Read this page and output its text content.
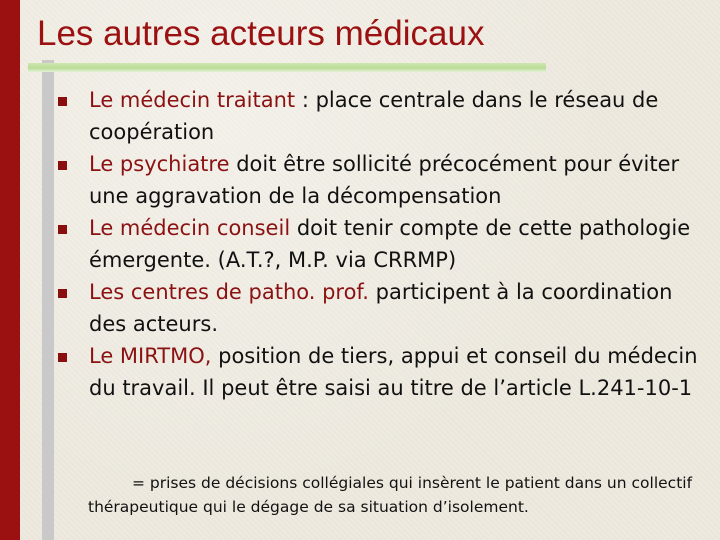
Les autres acteurs médicaux
Le médecin traitant : place centrale dans le réseau de coopération
Le psychiatre doit être sollicité précocément pour éviter une aggravation de la décompensation
Le médecin conseil doit tenir compte de cette pathologie émergente. (A.T.?, M.P. via CRRMP)
Les centres de patho. prof. participent à la coordination des acteurs.
Le MIRTMO, position de tiers, appui et conseil du médecin du travail. Il peut être saisi au titre de l’article L.241-10-1

= prises de décisions collégiales qui insèrent le patient dans un collectif thérapeutique qui le dégage de sa situation d’isolement.
